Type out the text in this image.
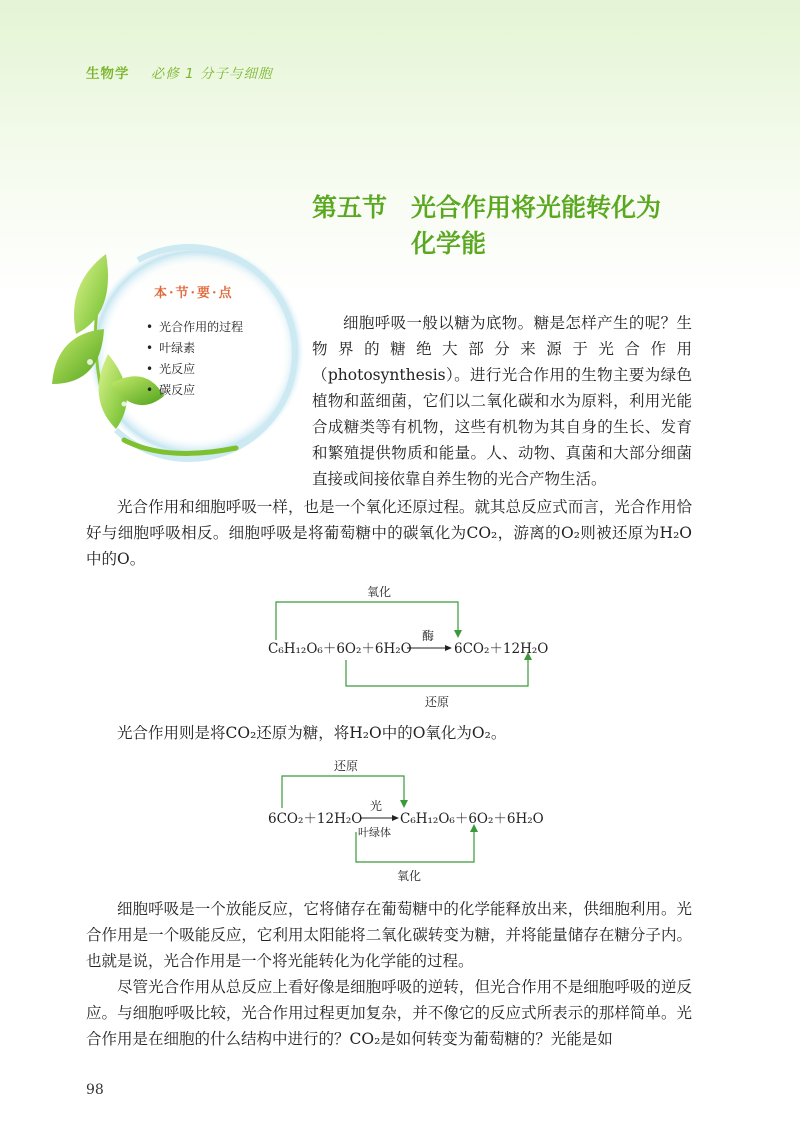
生物学 必修 1 分子与细胞
第五节 光合作用将光能转化为
化学能
本·节·要·点
• 光合作用的过程
• 叶绿素
• 光反应
• 碳反应

细胞呼吸一般以糖为底物。糖是怎样产生的呢？生物界的糖绝大部分来源于光合作用（photosynthesis）。进行光合作用的生物主要为绿色植物和蓝细菌，它们以二氧化碳和水为原料，利用光能合成糖类等有机物，这些有机物为其自身的生长、发育和繁殖提供物质和能量。人、动物、真菌和大部分细菌直接或间接依靠自养生物的光合产物生活。

光合作用和细胞呼吸一样，也是一个氧化还原过程。就其总反应式而言，光合作用恰好与细胞呼吸相反。细胞呼吸是将葡萄糖中的碳氧化为CO₂，游离的O₂则被还原为H₂O中的O。

氧化
酶
C₆H₁₂O₆＋6O₂＋6H₂O	6CO₂＋12H₂O
还原

光合作用则是将CO₂还原为糖，将H₂O中的O氧化为O₂。

还原
光
6CO₂＋12H₂O	C₆H₁₂O₆＋6O₂＋6H₂O
叶绿体
氧化

细胞呼吸是一个放能反应，它将储存在葡萄糖中的化学能释放出来，供细胞利用。光合作用是一个吸能反应，它利用太阳能将二氧化碳转变为糖，并将能量储存在糖分子内。也就是说，光合作用是一个将光能转化为化学能的过程。

尽管光合作用从总反应上看好像是细胞呼吸的逆转，但光合作用不是细胞呼吸的逆反应。与细胞呼吸比较，光合作用过程更加复杂，并不像它的反应式所表示的那样简单。光合作用是在细胞的什么结构中进行的？CO₂是如何转变为葡萄糖的？光能是如

98
